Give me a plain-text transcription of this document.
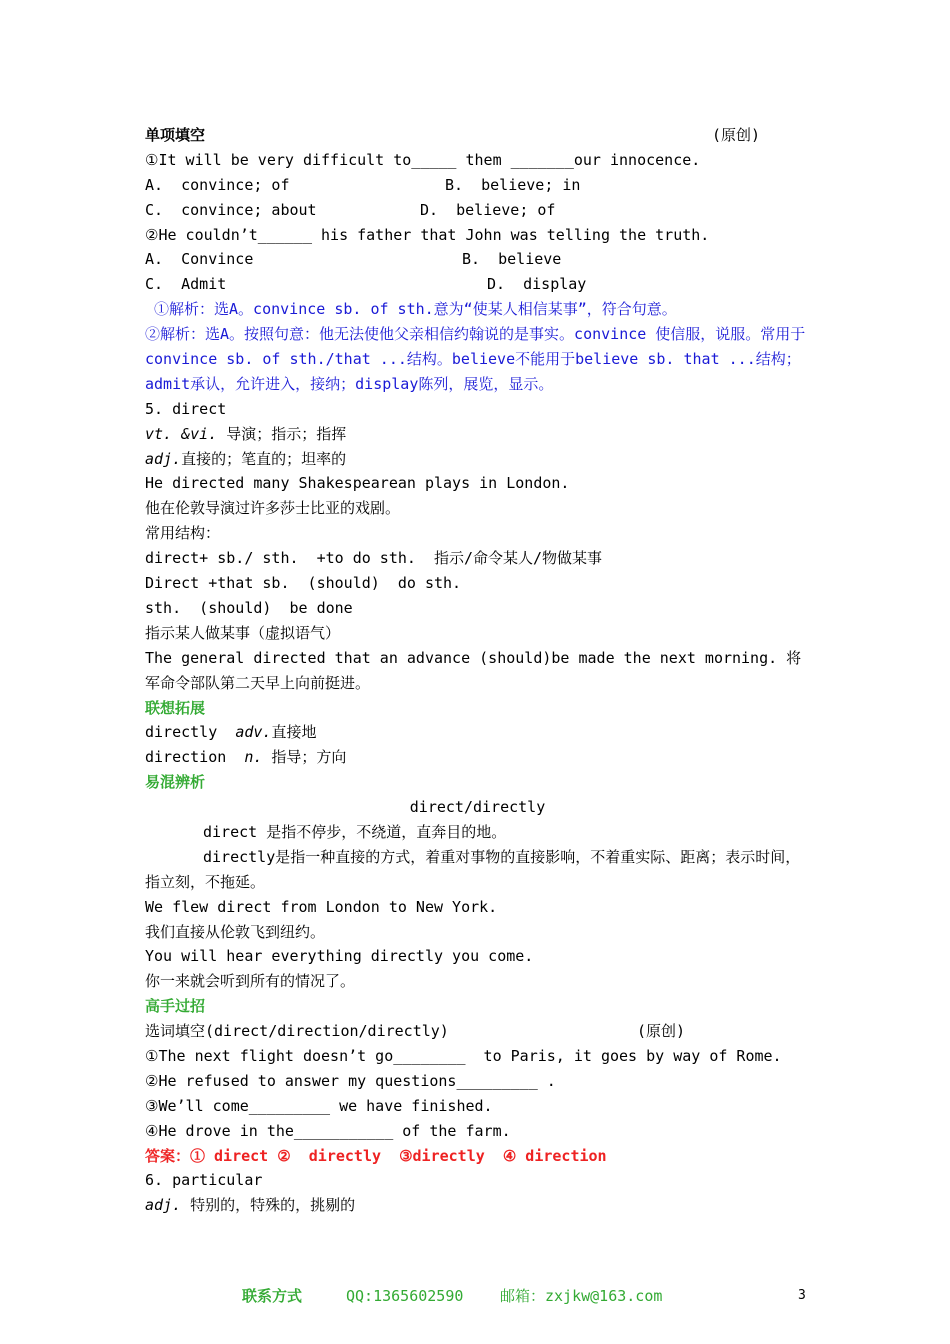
单项填空	(原创)
①It will be very difficult to_____ them _______our innocence.
A.  convince; of	B.  believe; in
C.  convince; about	D.  believe; of
②He couldn’t______ his father that John was telling the truth.
A.  Convince	B.  believe
C.  Admit	D.  display
①解析：选A。convince sb. of sth.意为“使某人相信某事”，符合句意。
②解析：选A。按照句意：他无法使他父亲相信约翰说的是事实。convince 使信服，说服。常用于convince sb. of sth./that ...结构。believe不能用于believe sb. that ...结构；admit承认，允许进入，接纳；display陈列，展览，显示。
5. direct
vt. &vi. 导演；指示；指挥
adj.直接的；笔直的；坦率的
He directed many Shakespearean plays in London.
他在伦敦导演过许多莎士比亚的戏剧。
常用结构：
direct+ sb./ sth.  +to do sth.  指示/命令某人/物做某事
Direct +that sb.  (should)  do sth.
sth.  (should)  be done
指示某人做某事（虚拟语气）
The general directed that an advance (should)be made the next morning. 将军命令部队第二天早上向前挺进。
联想拓展
directly  adv.直接地
direction  n. 指导；方向
易混辨析
direct/directly
direct 是指不停步，不绕道，直奔目的地。
directly是指一种直接的方式，着重对事物的直接影响，不着重实际、距离；表示时间，指立刻，不拖延。
We flew direct from London to New York.
我们直接从伦敦飞到纽约。
You will hear everything directly you come.
你一来就会听到所有的情况了。
高手过招
选词填空(direct/direction/directly)	(原创)
①The next flight doesn’t go________  to Paris, it goes by way of Rome.
②He refused to answer my questions_________ .
③We’ll come_________ we have finished.
④He drove in the___________ of the farm.
答案：① direct ②  directly  ③directly  ④ direction
6. particular
adj. 特别的，特殊的，挑剔的
联系方式	QQ:1365602590 邮箱：zxjkw@163.com	3
